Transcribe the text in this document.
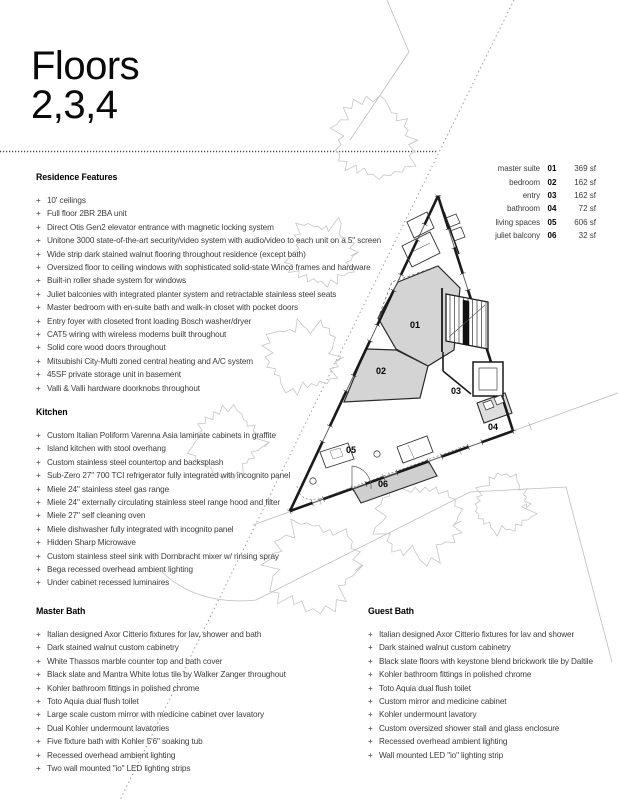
01
02
03
04
05
06
Floors
2,3,4
master suite 01	369 sf
bedroom 02	162 sf
entry 03	162 sf
bathroom 04	72 sf
living spaces 05	606 sf
juliet balcony 06	32 sf
Residence Features
+ 10' ceilings
+ Full floor 2BR 2BA unit
+ Direct Otis Gen2 elevator entrance with magnetic locking system
+ Unitone 3000 state-of-the-art security/video system with audio/video to each unit on a 5" screen
+ Wide strip dark stained walnut flooring throughout residence (except bath)
+ Oversized floor to ceiling windows with sophisticated solid-state Winco frames and hardware
+ Built-in roller shade system for windows
+ Juliet balconies with integrated planter system and retractable stainless steel seats
+ Master bedroom with en-suite bath and walk-in closet with pocket doors
+ Entry foyer with closeted front loading Bosch washer/dryer
+ CAT5 wiring with wireless modems built throughout
+ Solid core wood doors throughout
+ Mitsubishi City-Multi zoned central heating and A/C system
+ 45SF private storage unit in basement
+ Valli & Valli hardware doorknobs throughout
Kitchen
+ Custom Italian Poliform Varenna Asia laminate cabinets in graffite
+ Island kitchen with stool overhang
+ Custom stainless steel countertop and backsplash
+ Sub-Zero 27" 700 TCI refrigerator fully integrated with incognito panel
+ Miele 24" stainless steel gas range
+ Miele 24" externally circulating stainless steel range hood and filter
+ Miele 27" self cleaning oven
+ Miele dishwasher fully integrated with incognito panel
+ Hidden Sharp Microwave
+ Custom stainless steel sink with Dornbracht mixer w/ rinsing spray
+ Bega recessed overhead ambient lighting
+ Under cabinet recessed luminaires
Master Bath
+ Italian designed Axor Citterio fixtures for lav, shower and bath
+ Dark stained walnut custom cabinetry
+ White Thassos marble counter top and bath cover
+ Black slate and Mantra White lotus tile by Walker Zanger throughout
+ Kohler bathroom fittings in polished chrome
+ Toto Aquia dual flush toilet
+ Large scale custom mirror with medicine cabinet over lavatory
+ Dual Kohler undermount lavatories
+ Five fixture bath with Kohler 5'6" soaking tub
+ Recessed overhead ambient lighting
+ Two wall mounted "io" LED lighting strips
Guest Bath
+ Italian designed Axor Citterio fixtures for lav and shower
+ Dark stained walnut custom cabinetry
+ Black slate floors with keystone blend brickwork tile by Daltile
+ Kohler bathroom fittings in polished chrome
+ Toto Aquia dual flush toilet
+ Custom mirror and medicine cabinet
+ Kohler undermount lavatory
+ Custom oversized shower stall and glass enclosure
+ Recessed overhead ambient lighting
+ Wall mounted LED "io" lighting strip
